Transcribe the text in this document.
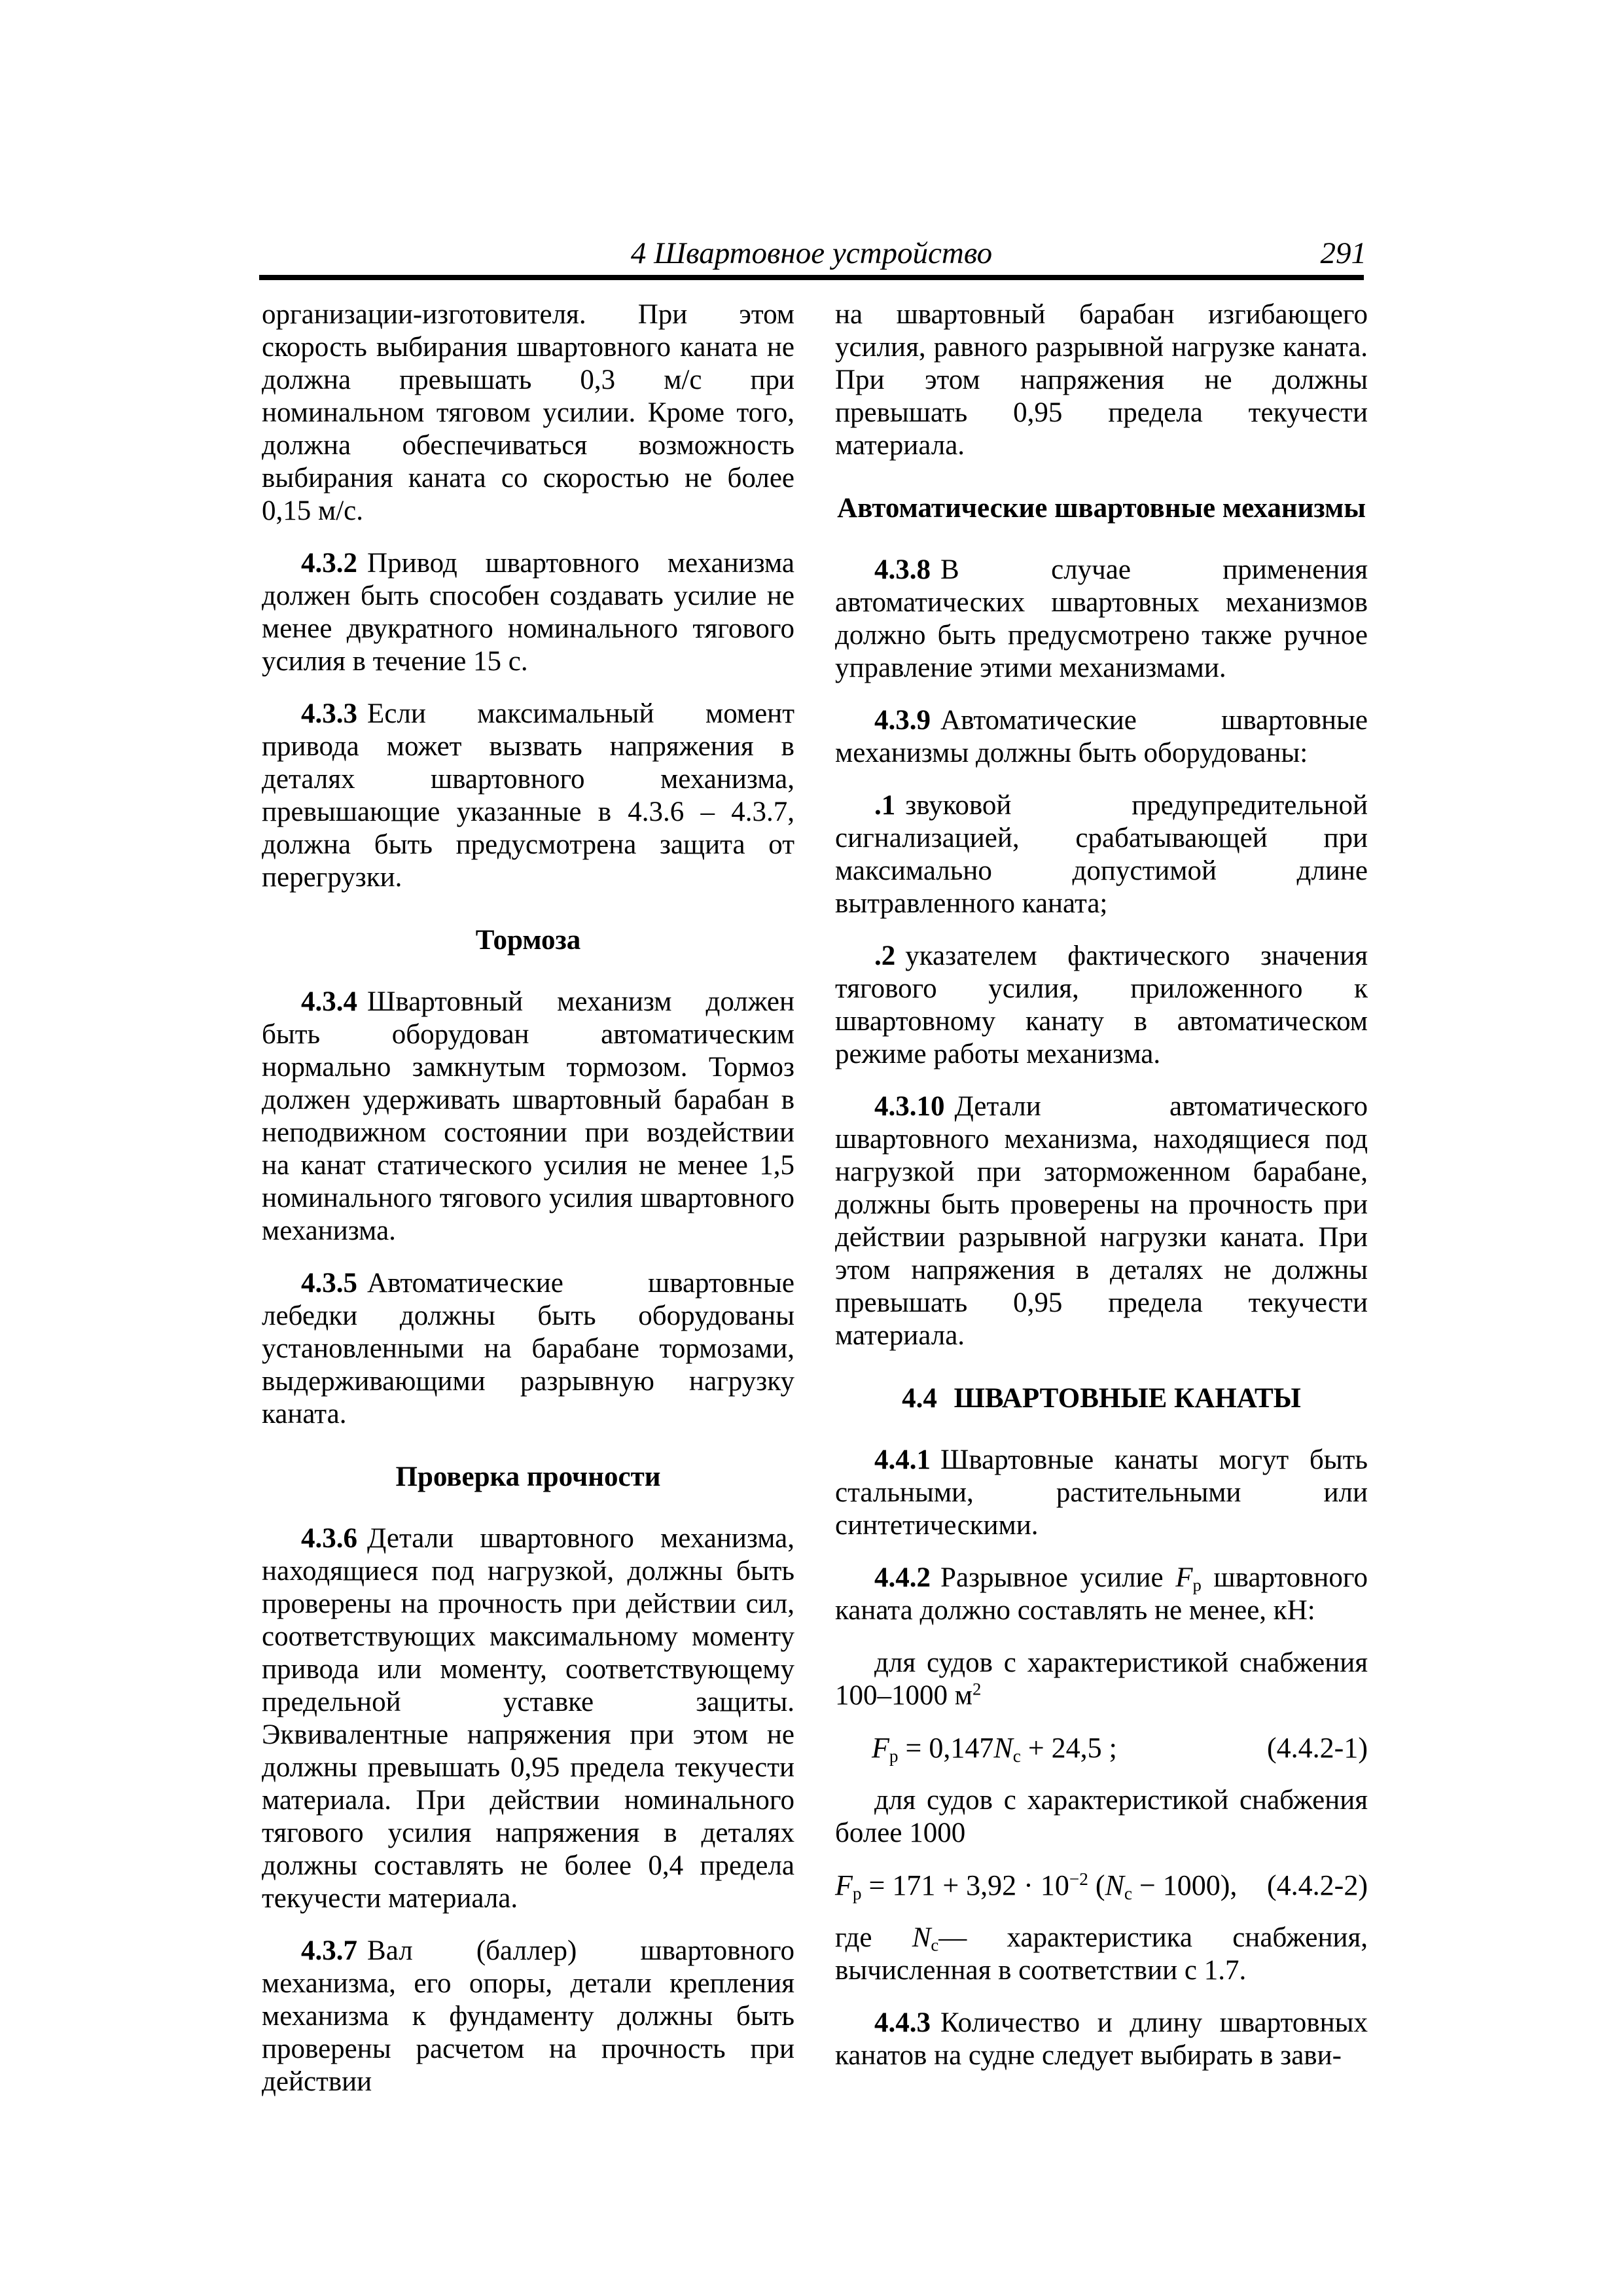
4 Швартовное устройство	291

организации-изготовителя. При этом скорость выбирания швартовного каната не должна превышать 0,3 м/с при номинальном тяговом усилии. Кроме того, должна обеспечиваться возможность выбирания каната со скоростью не более 0,15 м/с.

4.3.2 Привод швартовного механизма должен быть способен создавать усилие не менее двукратного номинального тягового усилия в течение 15 с.

4.3.3 Если максимальный момент привода может вызвать напряжения в деталях швартовного механизма, превышающие указанные в 4.3.6 – 4.3.7, должна быть предусмотрена защита от перегрузки.

Тормоза

4.3.4 Швартовный механизм должен быть оборудован автоматическим нормально замкнутым тормозом. Тормоз должен удерживать швартовный барабан в неподвижном состоянии при воздействии на канат статического усилия не менее 1,5 номинального тягового усилия швартовного механизма.

4.3.5 Автоматические швартовные лебедки должны быть оборудованы установленными на барабане тормозами, выдерживающими разрывную нагрузку каната.

Проверка прочности

4.3.6 Детали швартовного механизма, находящиеся под нагрузкой, должны быть проверены на прочность при действии сил, соответствующих максимальному моменту привода или моменту, соответствующему предельной уставке защиты. Эквивалентные напряжения при этом не должны превышать 0,95 предела текучести материала. При действии номинального тягового усилия напряжения в деталях должны составлять не более 0,4 предела текучести материала.

4.3.7 Вал (баллер) швартовного механизма, его опоры, детали крепления механизма к фундаменту должны быть проверены расчетом на прочность при действии

на швартовный барабан изгибающего усилия, равного разрывной нагрузке каната. При этом напряжения не должны превышать 0,95 предела текучести материала.

Автоматические швартовные механизмы

4.3.8 В случае применения автоматических швартовных механизмов должно быть предусмотрено также ручное управление этими механизмами.

4.3.9 Автоматические швартовные механизмы должны быть оборудованы:

.1 звуковой предупредительной сигнализацией, срабатывающей при максимально допустимой длине вытравленного каната;

.2 указателем фактического значения тягового усилия, приложенного к швартовному канату в автоматическом режиме работы механизма.

4.3.10 Детали автоматического швартовного механизма, находящиеся под нагрузкой при заторможенном барабане, должны быть проверены на прочность при действии разрывной нагрузки каната. При этом напряжения в деталях не должны превышать 0,95 предела текучести материала.

4.4 ШВАРТОВНЫЕ КАНАТЫ

4.4.1 Швартовные канаты могут быть стальными, растительными или синтетическими.

4.4.2 Разрывное усилие $F_р$ швартовного каната должно составлять не менее, кН:

для судов с характеристикой снабжения 100–1000 $м^2$

$F_р = 0,147N_с + 24,5$ ;	(4.4.2-1)

для судов с характеристикой снабжения более 1000

$F_р = 171 + 3,92 \cdot 10^{-2}$ $(N_с - 1000)$,	(4.4.2-2)

где $N_с—$ характеристика снабжения, вычисленная в соответствии с 1.7.

4.4.3 Количество и длину швартовных канатов на судне следует выбирать в зави-
